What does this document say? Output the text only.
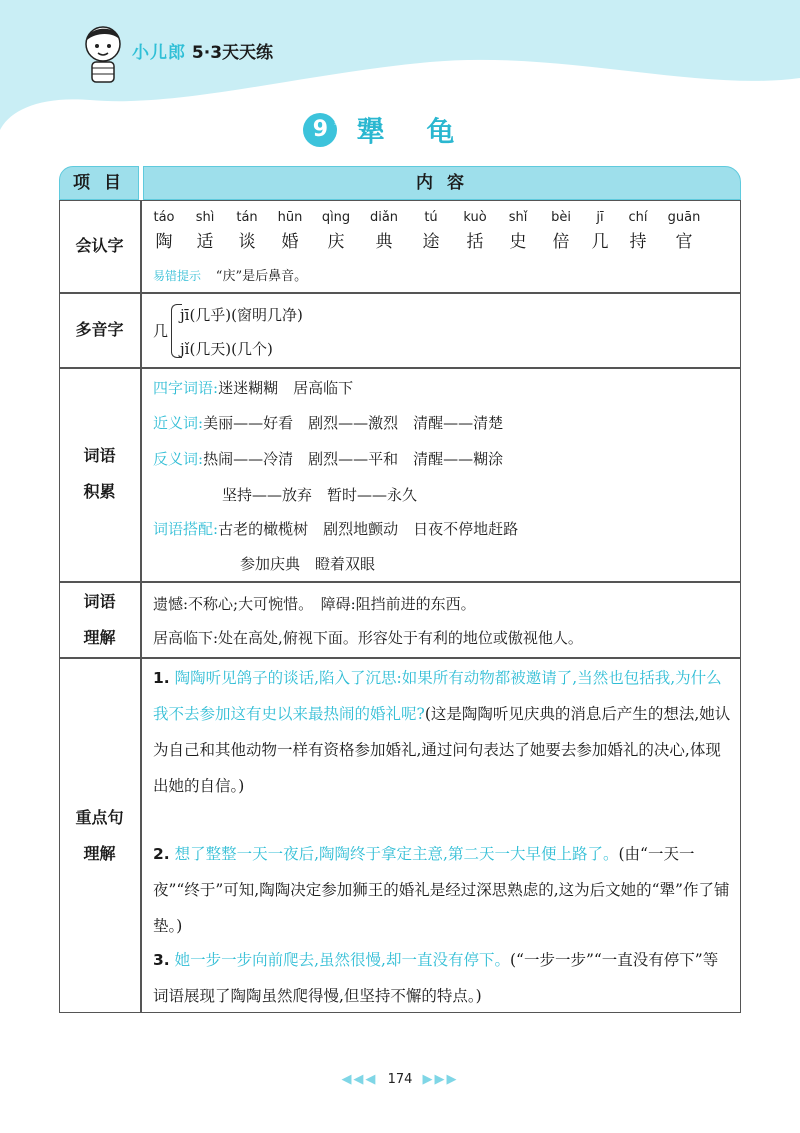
小儿郎 5·3天天练
9 * 犟龟
项 目	内 容
会认字
多音字
词语
积累
词语
理解
重点句
理解
táo
陶
shì
适
tán
谈
hūn
婚
qìng
庆
diǎn
典
tú
途
kuò
括
shǐ
史
bèi
倍
jī
几
chí
持
guān
官
易错提示 “庆”是后鼻音。
几
jī(几乎)(窗明几净)
jǐ(几天)(几个)
四字词语:迷迷糊糊　居高临下
近义词:美丽——好看　剧烈——激烈　清醒——清楚
反义词:热闹——冷清　剧烈——平和　清醒——糊涂
坚持——放弃　暂时——永久
词语搭配:古老的橄榄树　剧烈地颤动　日夜不停地赶路
参加庆典　瞪着双眼
遗憾:不称心;大可惋惜。　障碍:阻挡前进的东西。
居高临下:处在高处,俯视下面。形容处于有利的地位或傲视他人。
1. 陶陶听见鸽子的谈话,陷入了沉思:如果所有动物都被邀请了,当然也包括我,为什么我不去参加这有史以来最热闹的婚礼呢?(这是陶陶听见庆典的消息后产生的想法,她认为自己和其他动物一样有资格参加婚礼,通过问句表达了她要去参加婚礼的决心,体现出她的自信。)
2. 想了整整一天一夜后,陶陶终于拿定主意,第二天一大早便上路了。(由“一天一夜”“终于”可知,陶陶决定参加狮王的婚礼是经过深思熟虑的,这为后文她的“犟”作了铺垫。)
3. 她一步一步向前爬去,虽然很慢,却一直没有停下。(“一步一步”“一直没有停下”等词语展现了陶陶虽然爬得慢,但坚持不懈的特点。)
◀◀◀ 174 ▶▶▶
